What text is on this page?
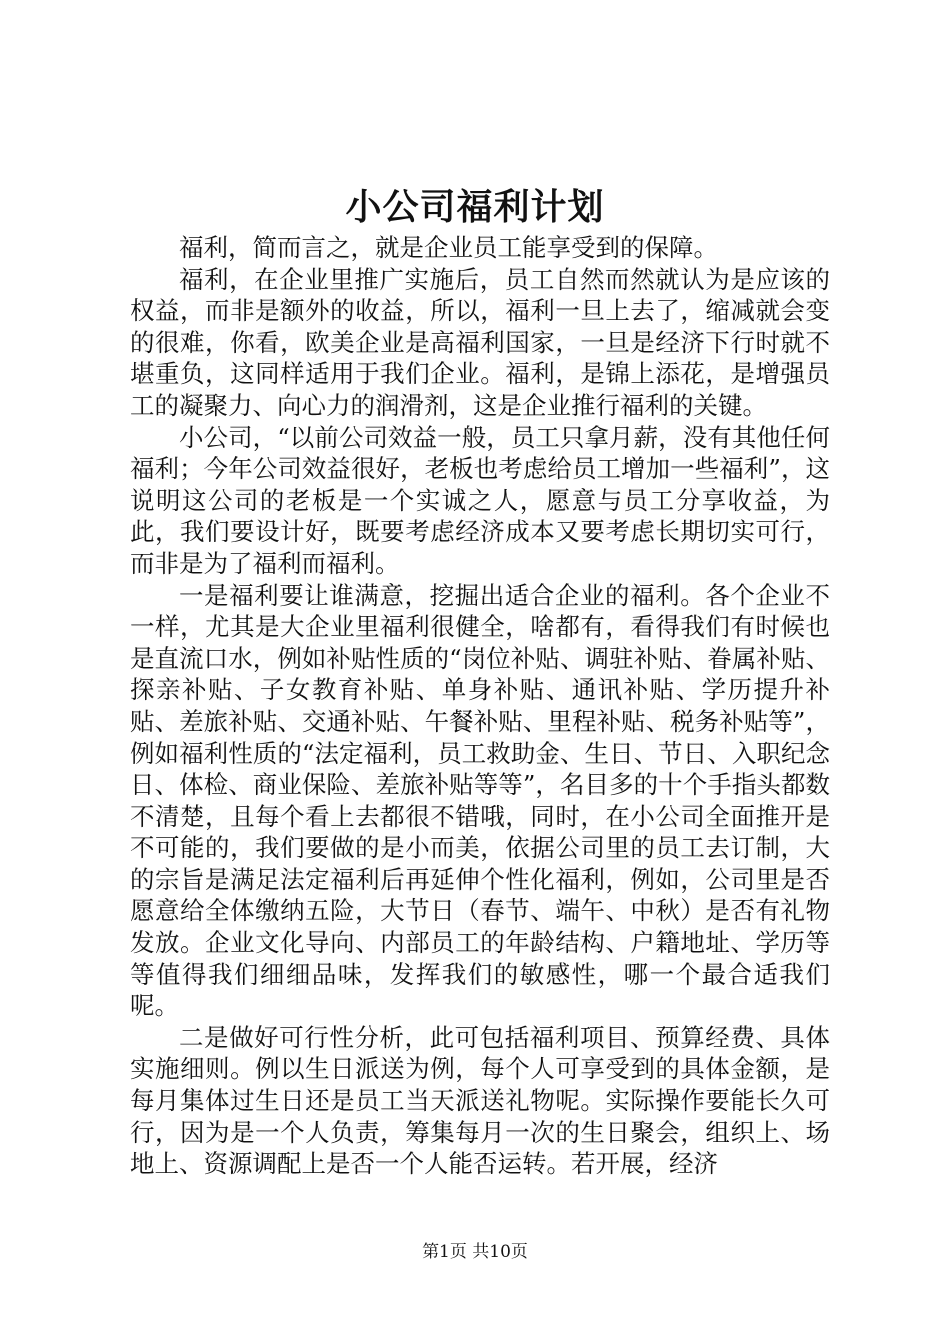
小公司福利计划

福利，简而言之，就是企业员工能享受到的保障。

福利，在企业里推广实施后，员工自然而然就认为是应该的权益，而非是额外的收益，所以，福利一旦上去了，缩减就会变的很难，你看，欧美企业是高福利国家，一旦是经济下行时就不堪重负，这同样适用于我们企业。福利，是锦上添花，是增强员工的凝聚力、向心力的润滑剂，这是企业推行福利的关键。

小公司，“以前公司效益一般，员工只拿月薪，没有其他任何福利；今年公司效益很好，老板也考虑给员工增加一些福利”，这说明这公司的老板是一个实诚之人，愿意与员工分享收益，为此，我们要设计好，既要考虑经济成本又要考虑长期切实可行，而非是为了福利而福利。

一是福利要让谁满意，挖掘出适合企业的福利。各个企业不一样，尤其是大企业里福利很健全，啥都有，看得我们有时候也是直流口水，例如补贴性质的“岗位补贴、调驻补贴、眷属补贴、探亲补贴、子女教育补贴、单身补贴、通讯补贴、学历提升补贴、差旅补贴、交通补贴、午餐补贴、里程补贴、税务补贴等”，例如福利性质的“法定福利，员工救助金、生日、节日、入职纪念日、体检、商业保险、差旅补贴等等”，名目多的十个手指头都数不清楚，且每个看上去都很不错哦，同时，在小公司全面推开是不可能的，我们要做的是小而美，依据公司里的员工去订制，大的宗旨是满足法定福利后再延伸个性化福利，例如，公司里是否愿意给全体缴纳五险，大节日（春节、端午、中秋）是否有礼物发放。企业文化导向、内部员工的年龄结构、户籍地址、学历等等值得我们细细品味，发挥我们的敏感性，哪一个最合适我们呢。

二是做好可行性分析，此可包括福利项目、预算经费、具体实施细则。例以生日派送为例，每个人可享受到的具体金额，是每月集体过生日还是员工当天派送礼物呢。实际操作要能长久可行，因为是一个人负责，筹集每月一次的生日聚会，组织上、场地上、资源调配上是否一个人能否运转。若开展，经济

第1页 共10页
